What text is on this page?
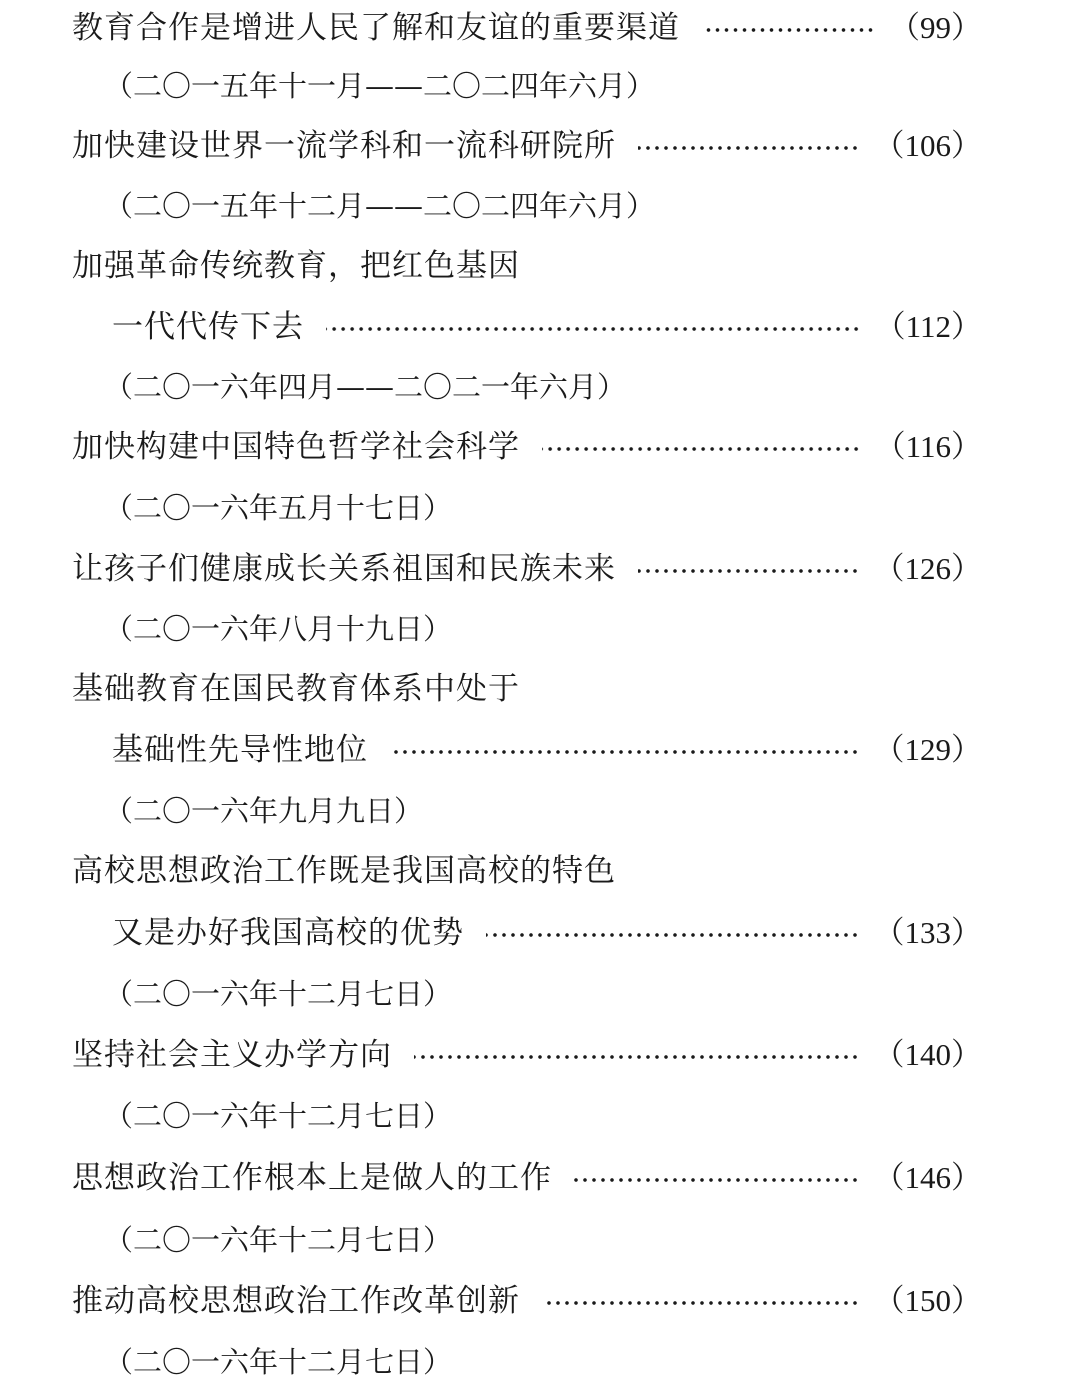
教育合作是增进人民了解和友谊的重要渠道	（99）
（二〇一五年十一月——二〇二四年六月）
加快建设世界一流学科和一流科研院所	（106）
（二〇一五年十二月——二〇二四年六月）
加强革命传统教育，把红色基因
一代代传下去	（112）
（二〇一六年四月——二〇二一年六月）
加快构建中国特色哲学社会科学	（116）
（二〇一六年五月十七日）
让孩子们健康成长关系祖国和民族未来	（126）
（二〇一六年八月十九日）
基础教育在国民教育体系中处于
基础性先导性地位	（129）
（二〇一六年九月九日）
高校思想政治工作既是我国高校的特色
又是办好我国高校的优势	（133）
（二〇一六年十二月七日）
坚持社会主义办学方向	（140）
（二〇一六年十二月七日）
思想政治工作根本上是做人的工作	（146）
（二〇一六年十二月七日）
推动高校思想政治工作改革创新	（150）
（二〇一六年十二月七日）
